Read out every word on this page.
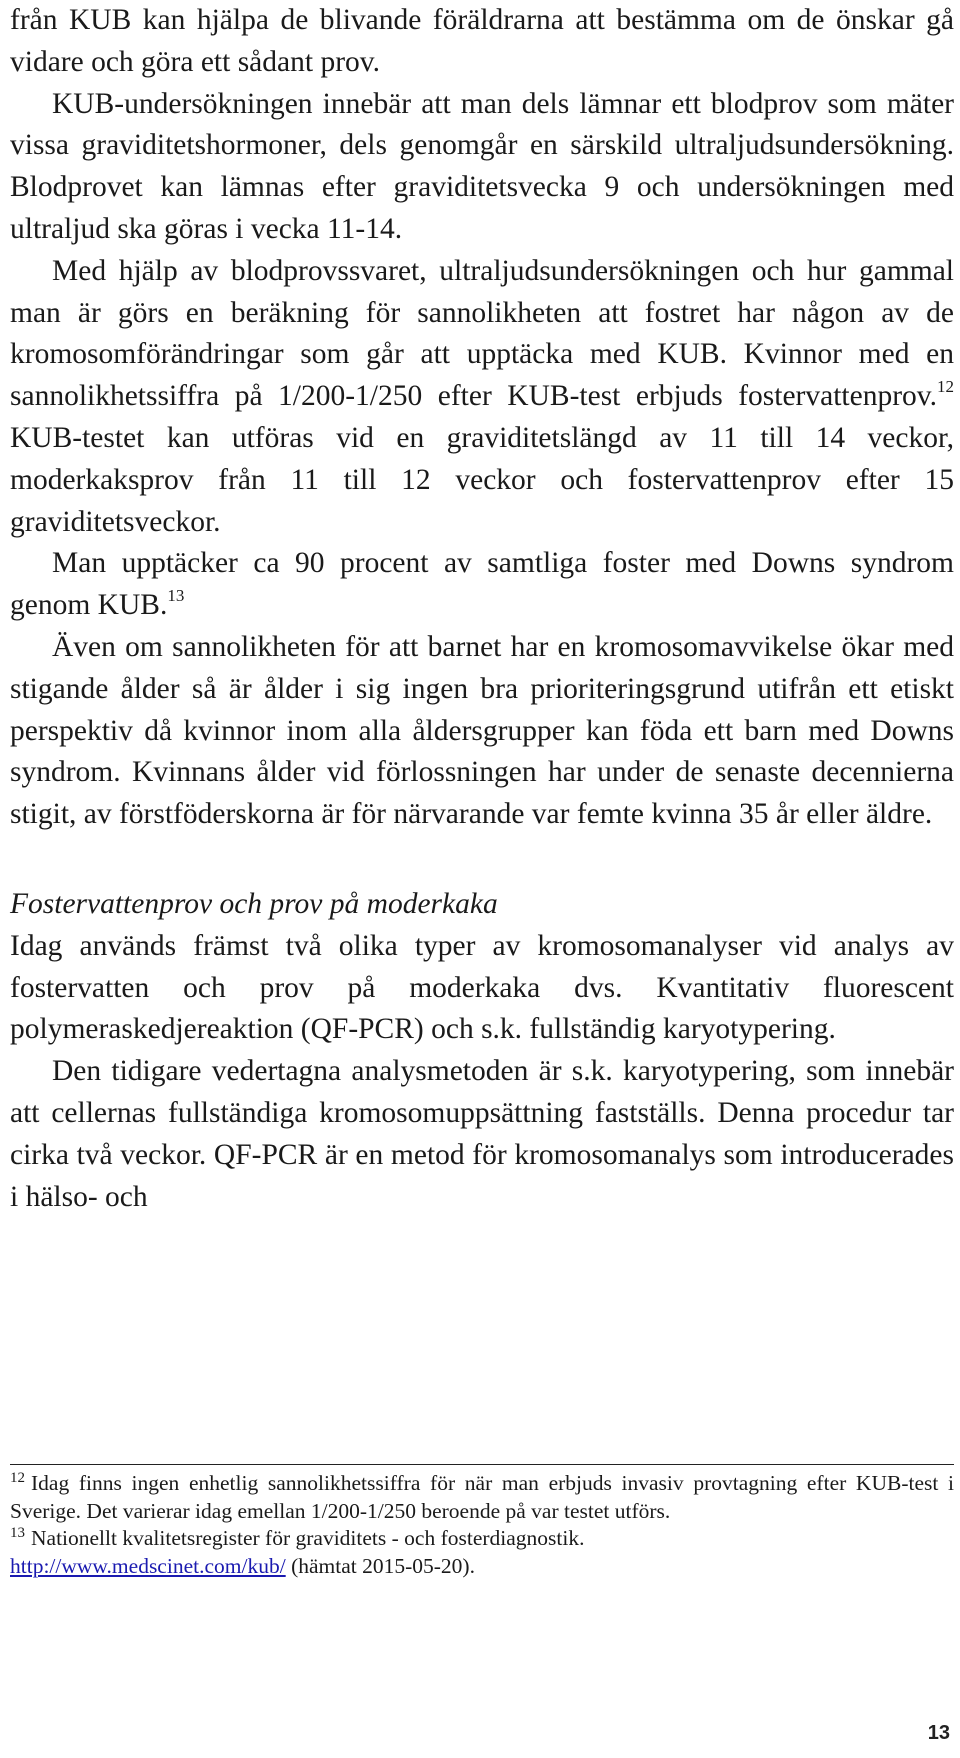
från KUB kan hjälpa de blivande föräldrarna att bestämma om de önskar gå vidare och göra ett sådant prov.

KUB-undersökningen innebär att man dels lämnar ett blodprov som mäter vissa graviditetshormoner, dels genomgår en särskild ultraljudsundersökning. Blodprovet kan lämnas efter graviditetsvecka 9 och undersökningen med ultraljud ska göras i vecka 11-14.

Med hjälp av blodprovssvaret, ultraljudsundersökningen och hur gammal man är görs en beräkning för sannolikheten att fostret har någon av de kromosomförändringar som går att upptäcka med KUB. Kvinnor med en sannolikhetssiffra på 1/200-1/250 efter KUB-test erbjuds fostervattenprov.$^{12}$ KUB-testet kan utföras vid en graviditetslängd av 11 till 14 veckor, moderkaksprov från 11 till 12 veckor och fostervattenprov efter 15 graviditetsveckor.

Man upptäcker ca 90 procent av samtliga foster med Downs syndrom genom KUB.$^{13}$

Även om sannolikheten för att barnet har en kromosomavvikelse ökar med stigande ålder så är ålder i sig ingen bra prioriteringsgrund utifrån ett etiskt perspektiv då kvinnor inom alla åldersgrupper kan föda ett barn med Downs syndrom. Kvinnans ålder vid förlossningen har under de senaste decennierna stigit, av förstföderskorna är för närvarande var femte kvinna 35 år eller äldre.

Fostervattenprov och prov på moderkaka

Idag används främst två olika typer av kromosomanalyser vid analys av fostervatten och prov på moderkaka dvs. Kvantitativ fluorescent polymeraskedjereaktion (QF-PCR) och s.k. fullständig karyotypering.

Den tidigare vedertagna analysmetoden är s.k. karyotypering, som innebär att cellernas fullständiga kromosomuppsättning fastställs. Denna procedur tar cirka två veckor. QF-PCR är en metod för kromosomanalys som introducerades i hälso- och

$^{12}$ Idag finns ingen enhetlig sannolikhetssiffra för när man erbjuds invasiv provtagning efter KUB-test i Sverige. Det varierar idag emellan 1/200-1/250 beroende på var testet utförs.

$^{13}$ Nationellt kvalitetsregister för graviditets - och fosterdiagnostik.
http://www.medscinet.com/kub/ (hämtat 2015-05-20).

13
